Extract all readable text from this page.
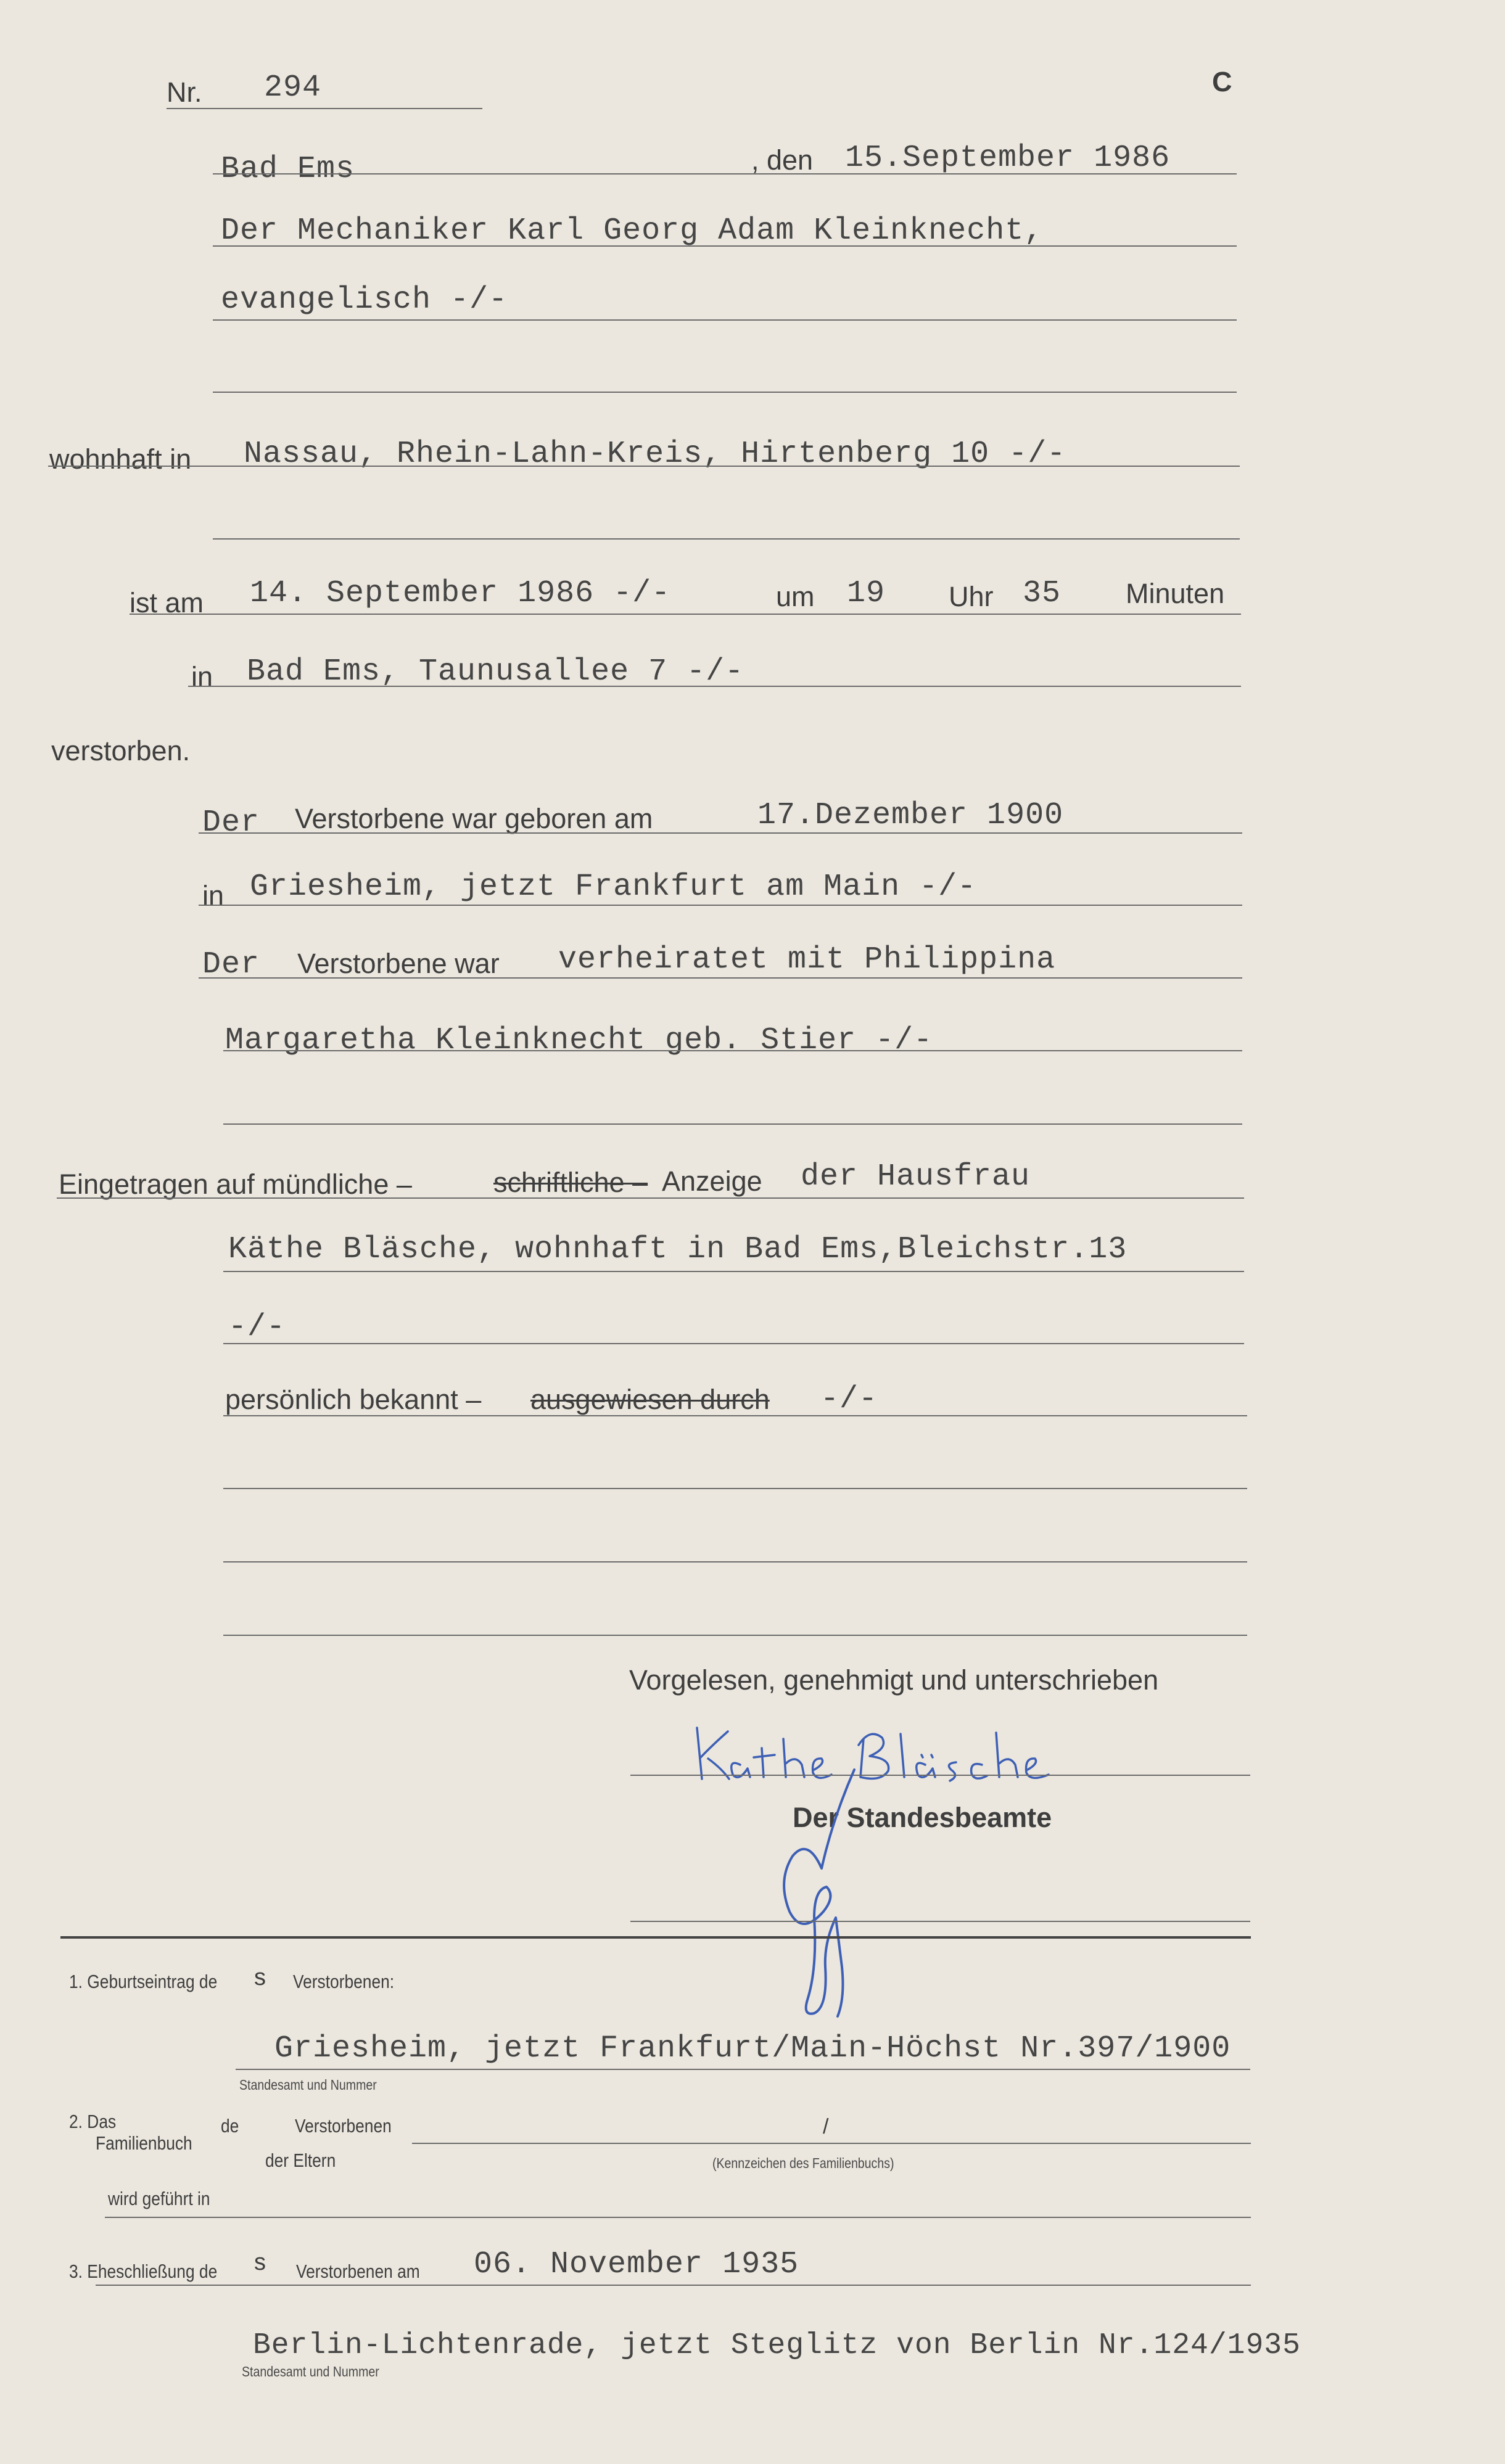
Nr. 294	C
Bad Ems	, den 15.September 1986
Der Mechaniker Karl Georg Adam Kleinknecht,
evangelisch -/-
wohnhaft in Nassau, Rhein-Lahn-Kreis, Hirtenberg 10 -/-
ist am 14. September 1986 -/-	um 19 Uhr 35 Minuten
in Bad Ems, Taunusallee 7 -/-
verstorben.
Der Verstorbene war geboren am	17.Dezember 1900
in Griesheim, jetzt Frankfurt am Main -/-
Der Verstorbene war verheiratet mit Philippina
Margaretha Kleinknecht geb. Stier -/-
Eingetragen auf mündliche –	schriftliche – Anzeige der Hausfrau
Käthe Bläsche, wohnhaft in Bad Ems,Bleichstr.13
-/-
persönlich bekannt – ausgewiesen durch -/-
Vorgelesen, genehmigt und unterschrieben
Der Standesbeamte
1. Geburtseintrag de s Verstorbenen:
Griesheim, jetzt Frankfurt/Main-Höchst Nr.397/1900
Standesamt und Nummer
2. Das
Familienbuch
de	Verstorbenen	/
der Eltern	(Kennzeichen des Familienbuchs)
wird geführt in
3. Eheschließung de s Verstorbenen am 06. November 1935
Berlin-Lichtenrade, jetzt Steglitz von Berlin Nr.124/1935
Standesamt und Nummer
